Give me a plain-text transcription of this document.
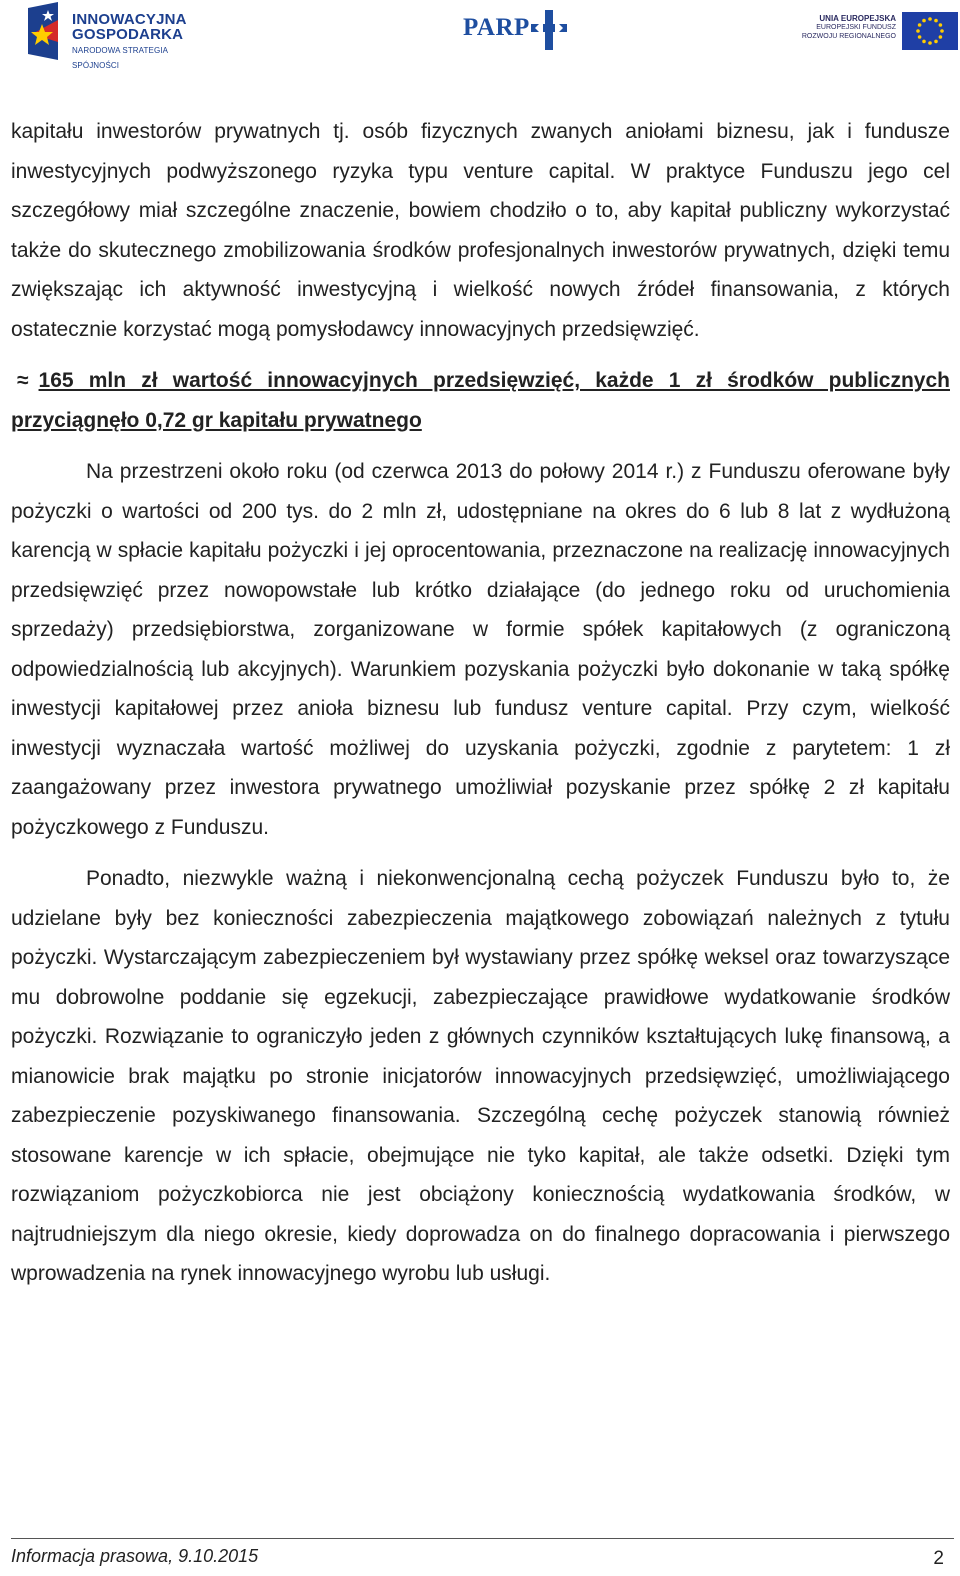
INNOWACYJNA
GOSPODARKA
NARODOWA STRATEGIA SPÓJNOŚCI
PARP	UNIA EUROPEJSKA
EUROPEJSKI FUNDUSZ
ROZWOJU REGIONALNEGO

kapitału inwestorów prywatnych tj. osób fizycznych zwanych aniołami biznesu, jak i fundusze inwestycyjnych podwyższonego ryzyka typu venture capital. W praktyce Funduszu jego cel szczegółowy miał szczególne znaczenie, bowiem chodziło o to, aby kapitał publiczny wykorzystać także do skutecznego zmobilizowania środków profesjonalnych inwestorów prywatnych, dzięki temu zwiększając ich aktywność inwestycyjną i wielkość nowych źródeł finansowania, z których ostatecznie korzystać mogą pomysłodawcy innowacyjnych przedsięwzięć.

≈ 165 mln zł wartość innowacyjnych przedsięwzięć, każde 1 zł środków publicznych przyciągnęło 0,72 gr kapitału prywatnego

Na przestrzeni około roku (od czerwca 2013 do połowy 2014 r.) z Funduszu oferowane były pożyczki o wartości od 200 tys. do 2 mln zł, udostępniane na okres do 6 lub 8 lat z wydłużoną karencją w spłacie kapitału pożyczki i jej oprocentowania, przeznaczone na realizację innowacyjnych przedsięwzięć przez nowopowstałe lub krótko działające (do jednego roku od uruchomienia sprzedaży) przedsiębiorstwa, zorganizowane w formie spółek kapitałowych (z ograniczoną odpowiedzialnością lub akcyjnych). Warunkiem pozyskania pożyczki było dokonanie w taką spółkę inwestycji kapitałowej przez anioła biznesu lub fundusz venture capital. Przy czym, wielkość inwestycji wyznaczała wartość możliwej do uzyskania pożyczki, zgodnie z parytetem: 1 zł zaangażowany przez inwestora prywatnego umożliwiał pozyskanie przez spółkę 2 zł kapitału pożyczkowego z Funduszu.

Ponadto, niezwykle ważną i niekonwencjonalną cechą pożyczek Funduszu było to, że udzielane były bez konieczności zabezpieczenia majątkowego zobowiązań należnych z tytułu pożyczki. Wystarczającym zabezpieczeniem był wystawiany przez spółkę weksel oraz towarzyszące mu dobrowolne poddanie się egzekucji, zabezpieczające prawidłowe wydatkowanie środków pożyczki. Rozwiązanie to ograniczyło jeden z głównych czynników kształtujących lukę finansową, a mianowicie brak majątku po stronie inicjatorów innowacyjnych przedsięwzięć, umożliwiającego zabezpieczenie pozyskiwanego finansowania. Szczególną cechę pożyczek stanowią również stosowane karencje w ich spłacie, obejmujące nie tyko kapitał, ale także odsetki. Dzięki tym rozwiązaniom pożyczkobiorca nie jest obciążony koniecznością wydatkowania środków, w najtrudniejszym dla niego okresie, kiedy doprowadza on do finalnego dopracowania i pierwszego wprowadzenia na rynek innowacyjnego wyrobu lub usługi.

Informacja prasowa, 9.10.2015	2
